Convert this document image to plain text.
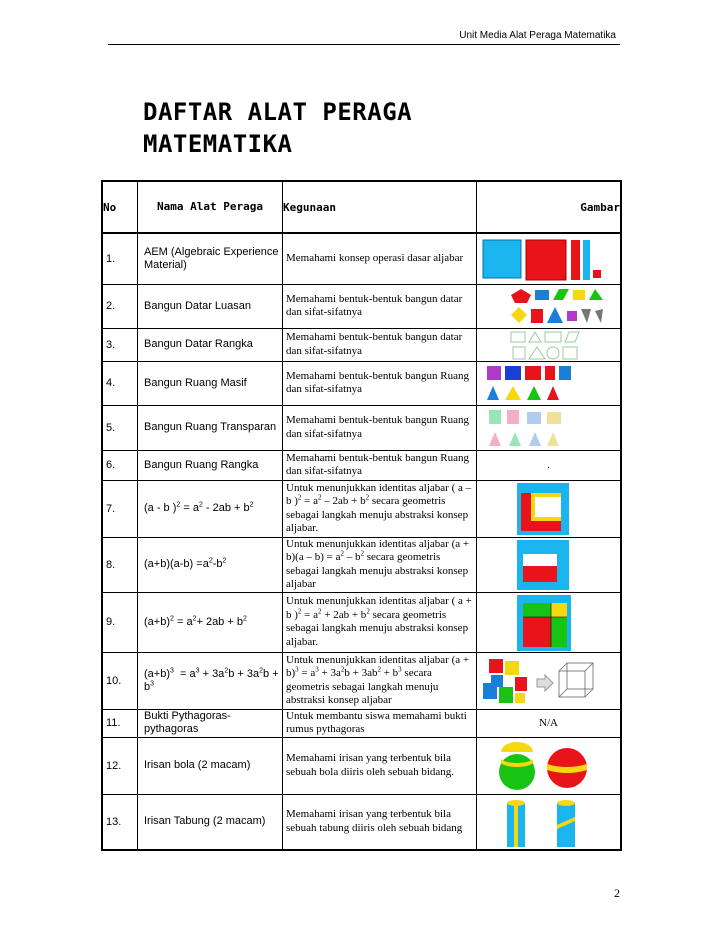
Unit Media Alat Peraga Matematika
DAFTAR ALAT PERAGA
MATEMATIKA
No	Nama Alat Peraga	Kegunaan	Gambar
1.	AEM (Algebraic Experience Material)	Memahami konsep operasi dasar aljabar	

2.	Bangun Datar Luasan	Memahami bentuk-bentuk bangun datar dan sifat-sifatnya	

3.	Bangun Datar Rangka	Memahami bentuk-bentuk bangun datar dan sifat-sifatnya	

4.	Bangun Ruang Masif	Memahami bentuk-bentuk bangun Ruang dan sifat-sifatnya	

5.	Bangun Ruang Transparan	Memahami bentuk-bentuk bangun Ruang dan sifat-sifatnya	

6.	Bangun Ruang Rangka	Memahami bentuk-bentuk bangun Ruang dan sifat-sifatnya	.
7.	(a - b )$^2 = a^2 - 2ab + b^2$	Untuk menunjukkan identitas aljabar ( a – b )$^2 = a^2 - 2ab + b^2$ secara geometris sebagai langkah menuju abstraksi konsep aljabar.	

8.	$(a+b)(a-b) =a^2-b^2$	Untuk menunjukkan identitas aljabar $(a + b)(a - b) = a^2 - b^2$ secara geometris sebagai langkah menuju abstraksi konsep aljabar	

9.	$(a+b)^2 = a^2+ 2ab + b^2$	Untuk menunjukkan identitas aljabar ( a + b )$^2 = a^2 + 2ab + b^2$ secara geometris sebagai langkah menuju abstraksi konsep aljabar.	

10.	$(a+b)^3 = a^3 + 3a^2b + 3a^2b + b^3$	Untuk menunjukkan identitas aljabar $(a + b)^3 = a^3 + 3a^2b + 3ab^2 + b^3$ secara geometris sebagai langkah menuju abstraksi konsep aljabar	

11.	Bukti Pythagoras-pythagoras	Untuk membantu siswa memahami bukti rumus pythagoras	N/A
12.	Irisan bola (2 macam)	Memahami irisan yang terbentuk bila sebuah bola diiris oleh sebuah bidang.	

13.	Irisan Tabung (2 macam)	Memahami irisan yang terbentuk bila sebuah tabung diiris oleh sebuah bidang	
2
